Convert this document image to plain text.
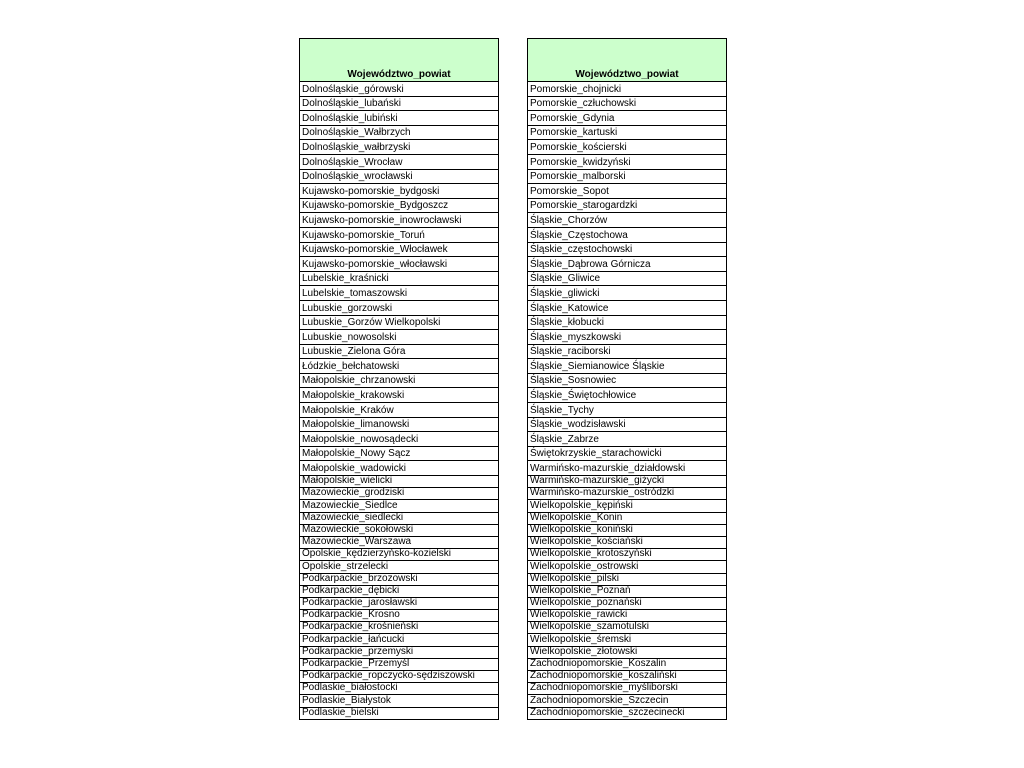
Województwo_powiat
Dolnośląskie_górowski
Dolnośląskie_lubański
Dolnośląskie_lubiński
Dolnośląskie_Wałbrzych
Dolnośląskie_wałbrzyski
Dolnośląskie_Wrocław
Dolnośląskie_wrocławski
Kujawsko-pomorskie_bydgoski
Kujawsko-pomorskie_Bydgoszcz
Kujawsko-pomorskie_inowrocławski
Kujawsko-pomorskie_Toruń
Kujawsko-pomorskie_Włocławek
Kujawsko-pomorskie_włocławski
Lubelskie_kraśnicki
Lubelskie_tomaszowski
Lubuskie_gorzowski
Lubuskie_Gorzów Wielkopolski
Lubuskie_nowosolski
Lubuskie_Zielona Góra
Łódzkie_bełchatowski
Małopolskie_chrzanowski
Małopolskie_krakowski
Małopolskie_Kraków
Małopolskie_limanowski
Małopolskie_nowosądecki
Małopolskie_Nowy Sącz
Małopolskie_wadowicki
Małopolskie_wielicki
Mazowieckie_grodziski
Mazowieckie_Siedlce
Mazowieckie_siedlecki
Mazowieckie_sokołowski
Mazowieckie_Warszawa
Opolskie_kędzierzyńsko-kozielski
Opolskie_strzelecki
Podkarpackie_brzozowski
Podkarpackie_dębicki
Podkarpackie_jarosławski
Podkarpackie_Krosno
Podkarpackie_krośnieński
Podkarpackie_łańcucki
Podkarpackie_przemyski
Podkarpackie_Przemyśl
Podkarpackie_ropczycko-sędziszowski
Podlaskie_białostocki
Podlaskie_Białystok
Podlaskie_bielski
Województwo_powiat
Pomorskie_chojnicki
Pomorskie_człuchowski
Pomorskie_Gdynia
Pomorskie_kartuski
Pomorskie_kościerski
Pomorskie_kwidzyński
Pomorskie_malborski
Pomorskie_Sopot
Pomorskie_starogardzki
Śląskie_Chorzów
Śląskie_Częstochowa
Śląskie_częstochowski
Śląskie_Dąbrowa Górnicza
Śląskie_Gliwice
Śląskie_gliwicki
Śląskie_Katowice
Śląskie_kłobucki
Śląskie_myszkowski
Śląskie_raciborski
Śląskie_Siemianowice Śląskie
Śląskie_Sosnowiec
Śląskie_Świętochłowice
Śląskie_Tychy
Śląskie_wodzisławski
Śląskie_Zabrze
Świętokrzyskie_starachowicki
Warmińsko-mazurskie_działdowski
Warmińsko-mazurskie_giżycki
Warmińsko-mazurskie_ostródzki
Wielkopolskie_kępiński
Wielkopolskie_Konin
Wielkopolskie_koniński
Wielkopolskie_kościański
Wielkopolskie_krotoszyński
Wielkopolskie_ostrowski
Wielkopolskie_pilski
Wielkopolskie_Poznań
Wielkopolskie_poznański
Wielkopolskie_rawicki
Wielkopolskie_szamotulski
Wielkopolskie_śremski
Wielkopolskie_złotowski
Zachodniopomorskie_Koszalin
Zachodniopomorskie_koszaliński
Zachodniopomorskie_myśliborski
Zachodniopomorskie_Szczecin
Zachodniopomorskie_szczecinecki
